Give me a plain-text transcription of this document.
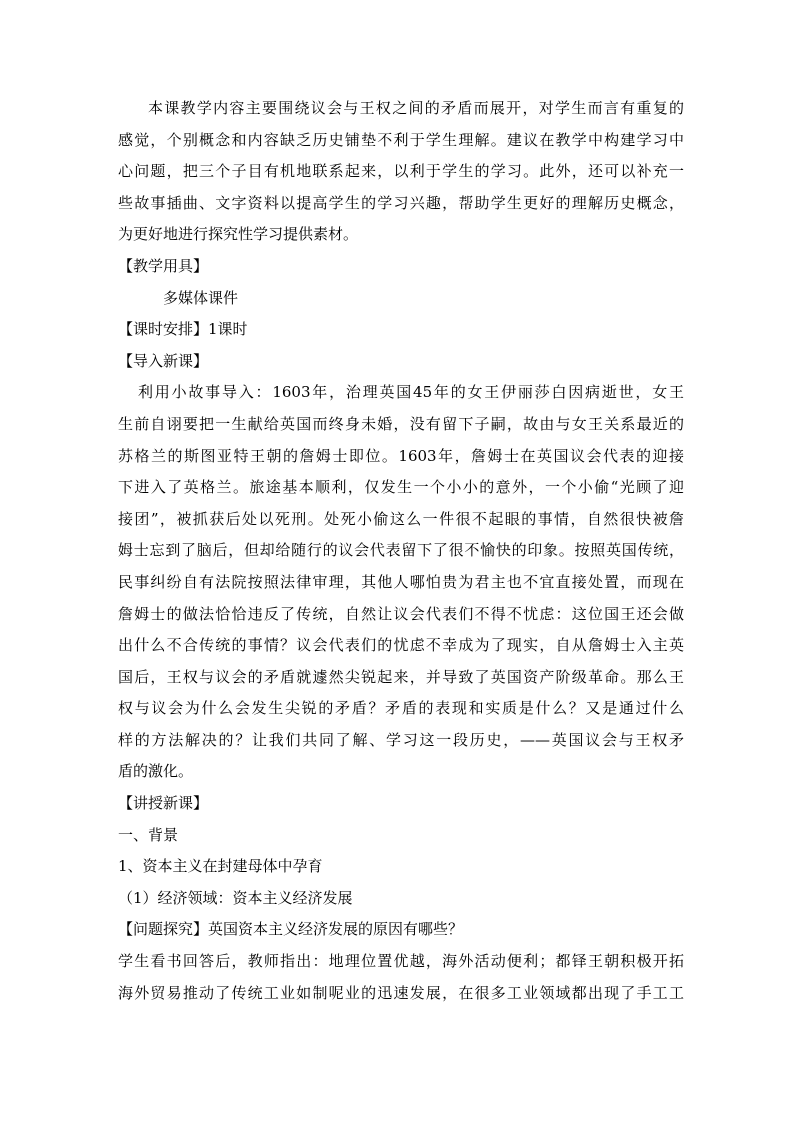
本课教学内容主要围绕议会与王权之间的矛盾而展开，对学生而言有重复的
感觉，个别概念和内容缺乏历史铺垫不利于学生理解。建议在教学中构建学习中
心问题，把三个子目有机地联系起来，以利于学生的学习。此外，还可以补充一
些故事插曲、文字资料以提高学生的学习兴趣，帮助学生更好的理解历史概念，
为更好地进行探究性学习提供素材。
【教学用具】
多媒体课件
【课时安排】1课时
【导入新课】
利用小故事导入：1603年，治理英国45年的女王伊丽莎白因病逝世，女王
生前自诩要把一生献给英国而终身未婚，没有留下子嗣，故由与女王关系最近的
苏格兰的斯图亚特王朝的詹姆士即位。1603年，詹姆士在英国议会代表的迎接
下进入了英格兰。旅途基本顺利，仅发生一个小小的意外，一个小偷“光顾了迎
接团”，被抓获后处以死刑。处死小偷这么一件很不起眼的事情，自然很快被詹
姆士忘到了脑后，但却给随行的议会代表留下了很不愉快的印象。按照英国传统，
民事纠纷自有法院按照法律审理，其他人哪怕贵为君主也不宜直接处置，而现在
詹姆士的做法恰恰违反了传统，自然让议会代表们不得不忧虑：这位国王还会做
出什么不合传统的事情？议会代表们的忧虑不幸成为了现实，自从詹姆士入主英
国后，王权与议会的矛盾就遽然尖锐起来，并导致了英国资产阶级革命。那么王
权与议会为什么会发生尖锐的矛盾？矛盾的表现和实质是什么？又是通过什么
样的方法解决的？让我们共同了解、学习这一段历史，——英国议会与王权矛
盾的激化。
【讲授新课】
一、背景
1、资本主义在封建母体中孕育
（1）经济领域：资本主义经济发展
【问题探究】英国资本主义经济发展的原因有哪些？
学生看书回答后，教师指出：地理位置优越，海外活动便利；都铎王朝积极开拓
海外贸易推动了传统工业如制呢业的迅速发展，在很多工业领域都出现了手工工
